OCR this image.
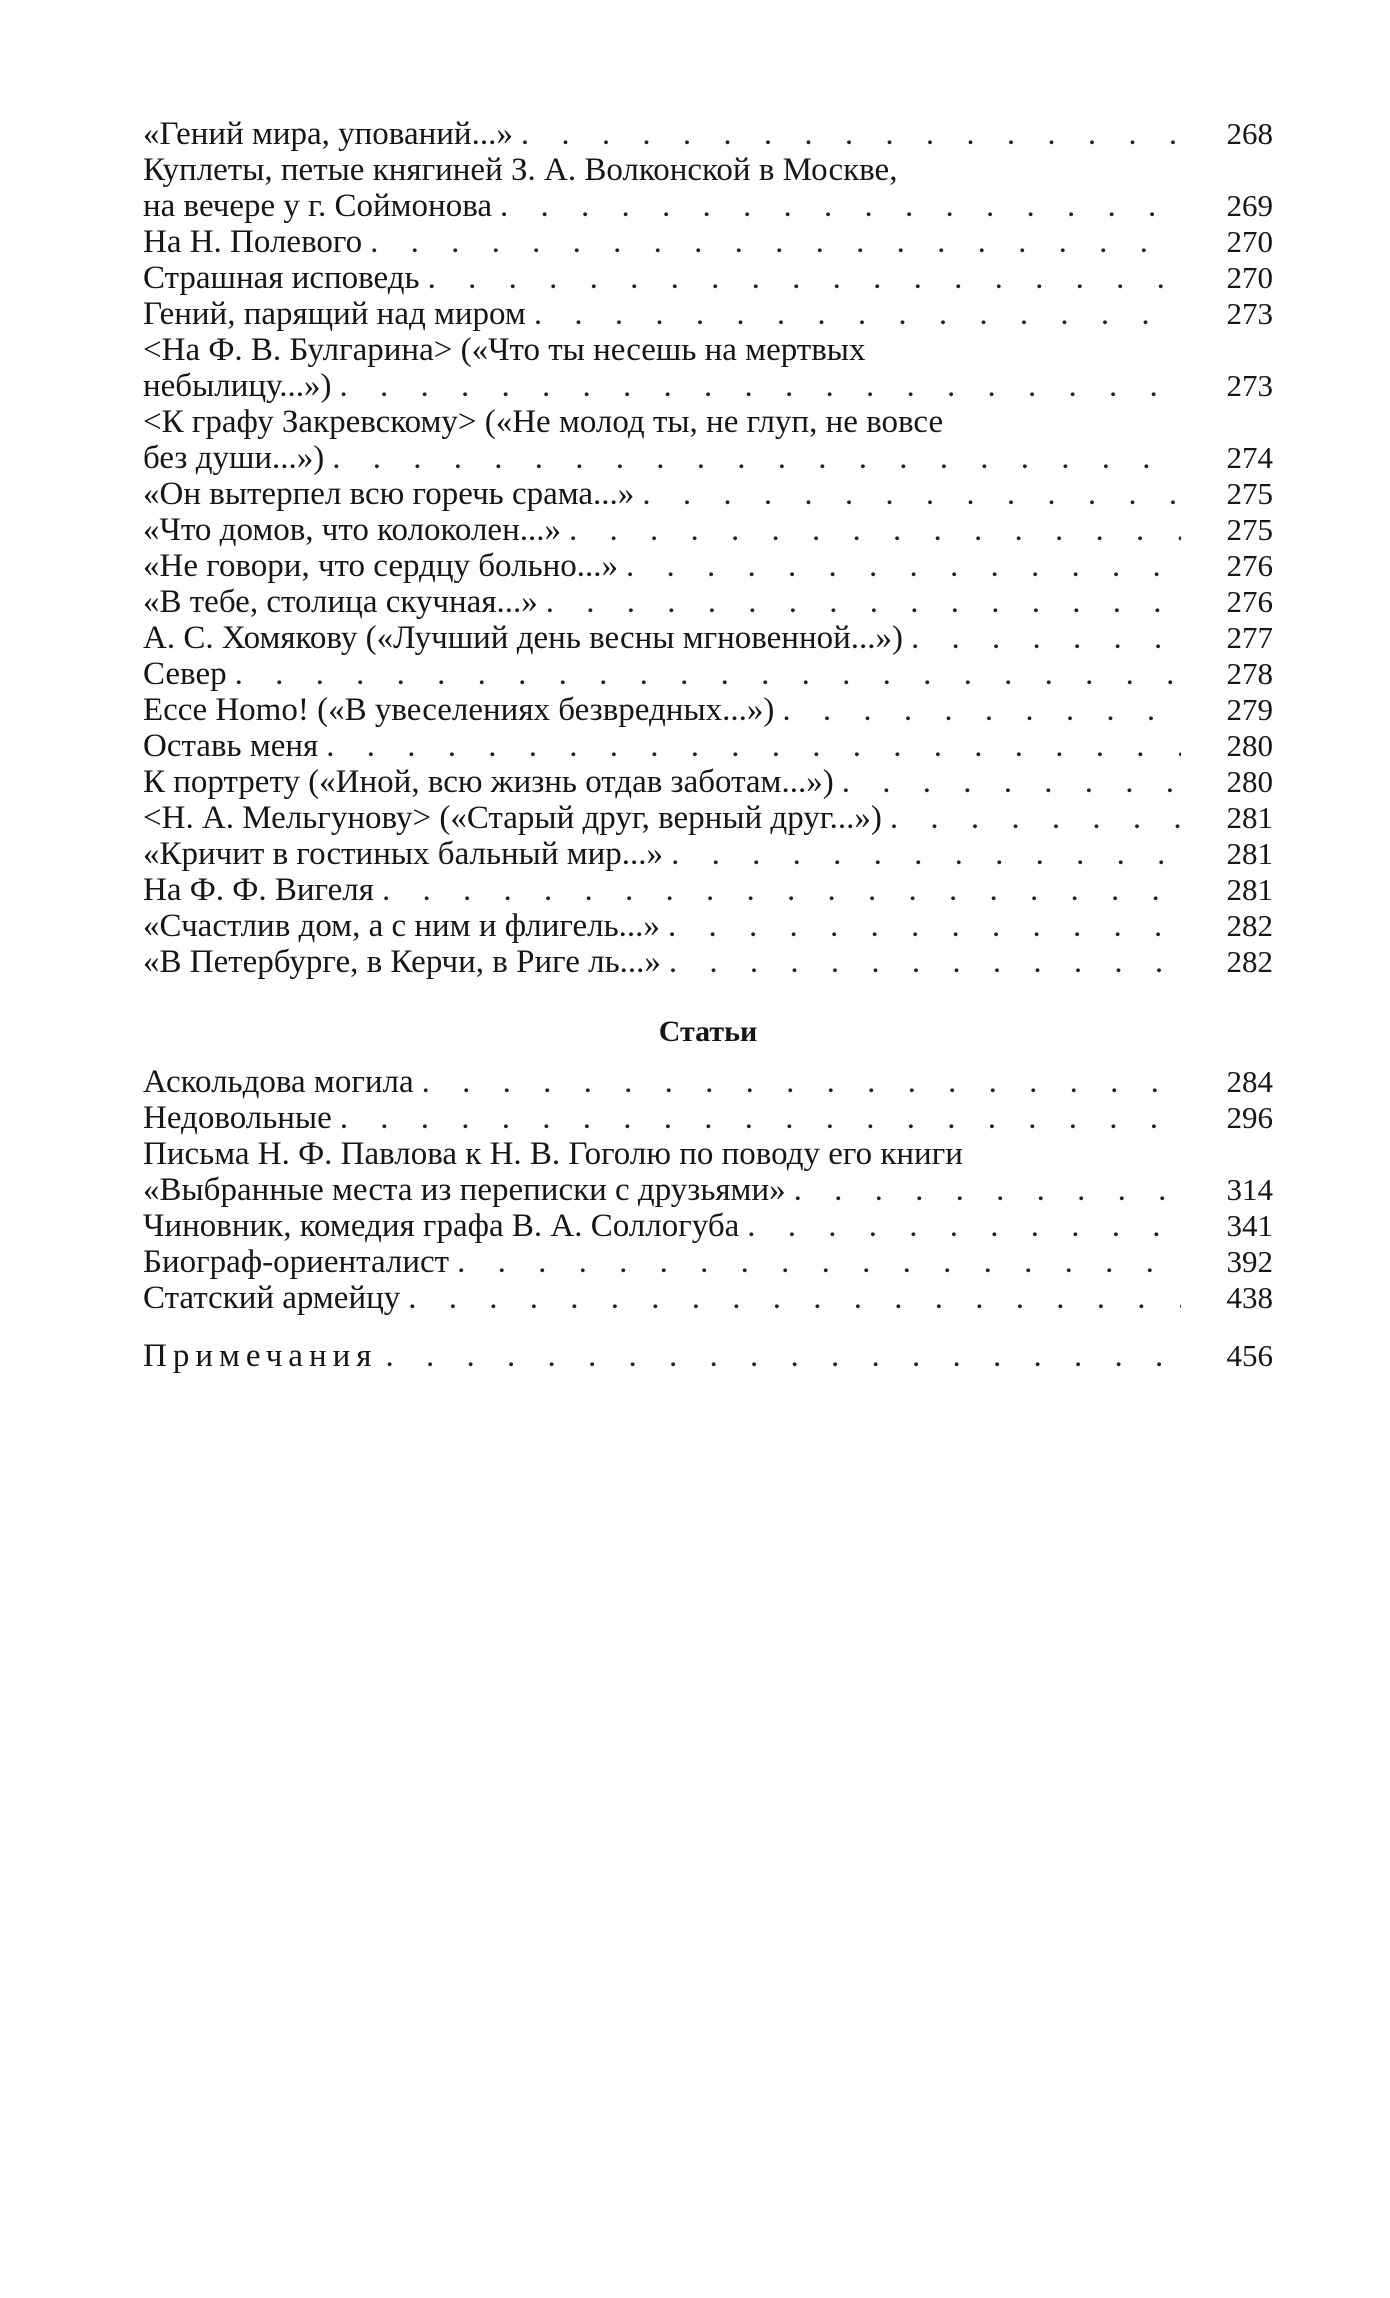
«Гений мира, упований...» . . .	268
Куплеты, петые княгиней З. А. Волконской в Москве,
на вечере у г. Соймонова . . .	269
На Н. Полевого . . .	270
Страшная исповедь . . .	270
Гений, парящий над миром . . .	273
<На Ф. В. Булгарина> («Что ты несешь на мертвых
небылицу...») . . .	273
<К графу Закревскому> («Не молод ты, не глуп, не вовсе
без души...») . . .	274
«Он вытерпел всю горечь срама...» . . .	275
«Что домов, что колоколен...» . . .	275
«Не говори, что сердцу больно...» . . .	276
«В тебе, столица скучная...» . . .	276
А. С. Хомякову («Лучший день весны мгновенной...») . . .	277
Север . . .	278
Ecce Homo! («В увеселениях безвредных...») . . .	279
Оставь меня . . .	280
К портрету («Иной, всю жизнь отдав заботам...») . . .	280
<Н. А. Мельгунову> («Старый друг, верный друг...») . . .	281
«Кричит в гостиных бальный мир...» . . .	281
На Ф. Ф. Вигеля . . .	281
«Счастлив дом, а с ним и флигель...» . . .	282
«В Петербурге, в Керчи, в Риге ль...» . . .	282
Статьи
Аскольдова могила . . .	284
Недовольные . . .	296
Письма Н. Ф. Павлова к Н. В. Гоголю по поводу его книги
«Выбранные места из переписки с друзьями» . . .	314
Чиновник, комедия графа В. А. Соллогуба . . .	341
Биограф-ориенталист . . .	392
Статский армейцу . . .	438
Примечания . . .	456
